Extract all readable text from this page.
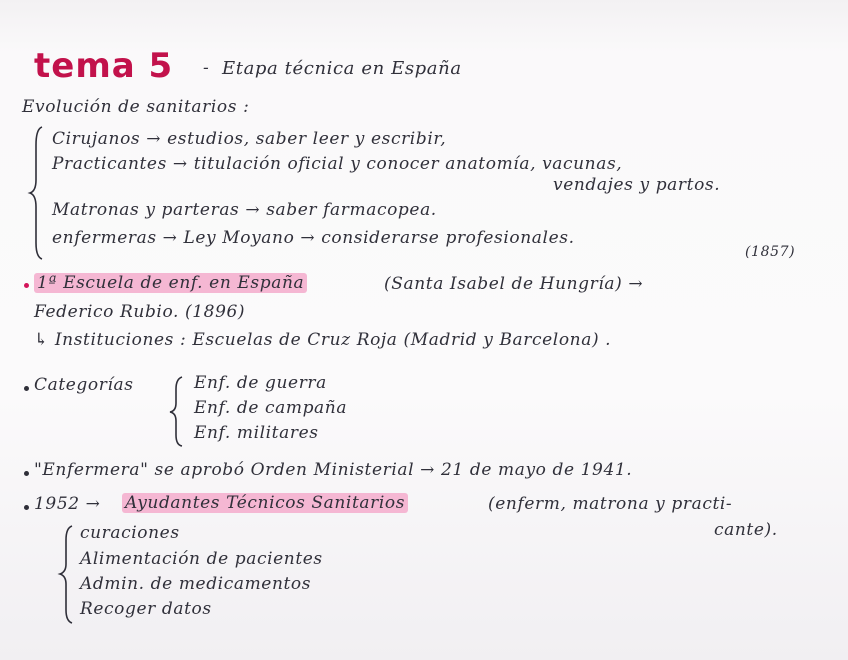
tema 5 - Etapa técnica en España
Evolución de sanitarios :
Cirujanos → estudios, saber leer y escribir,
Practicantes → titulación oficial y conocer anatomía, vacunas,
vendajes y partos.
Matronas y parteras → saber farmacopea.
enfermeras → Ley Moyano → considerarse profesionales.
(1857)
1ª Escuela de enf. en España	(Santa Isabel de Hungría) →
Federico Rubio. (1896)
↳ Instituciones : Escuelas de Cruz Roja (Madrid y Barcelona) .
Categorías	Enf. de guerra
Enf. de campaña
Enf. militares
"Enfermera" se aprobó Orden Ministerial → 21 de mayo de 1941.
1952 → Ayudantes Técnicos Sanitarios	(enferm, matrona y practi-
cante).
curaciones
Alimentación de pacientes
Admin. de medicamentos
Recoger datos
